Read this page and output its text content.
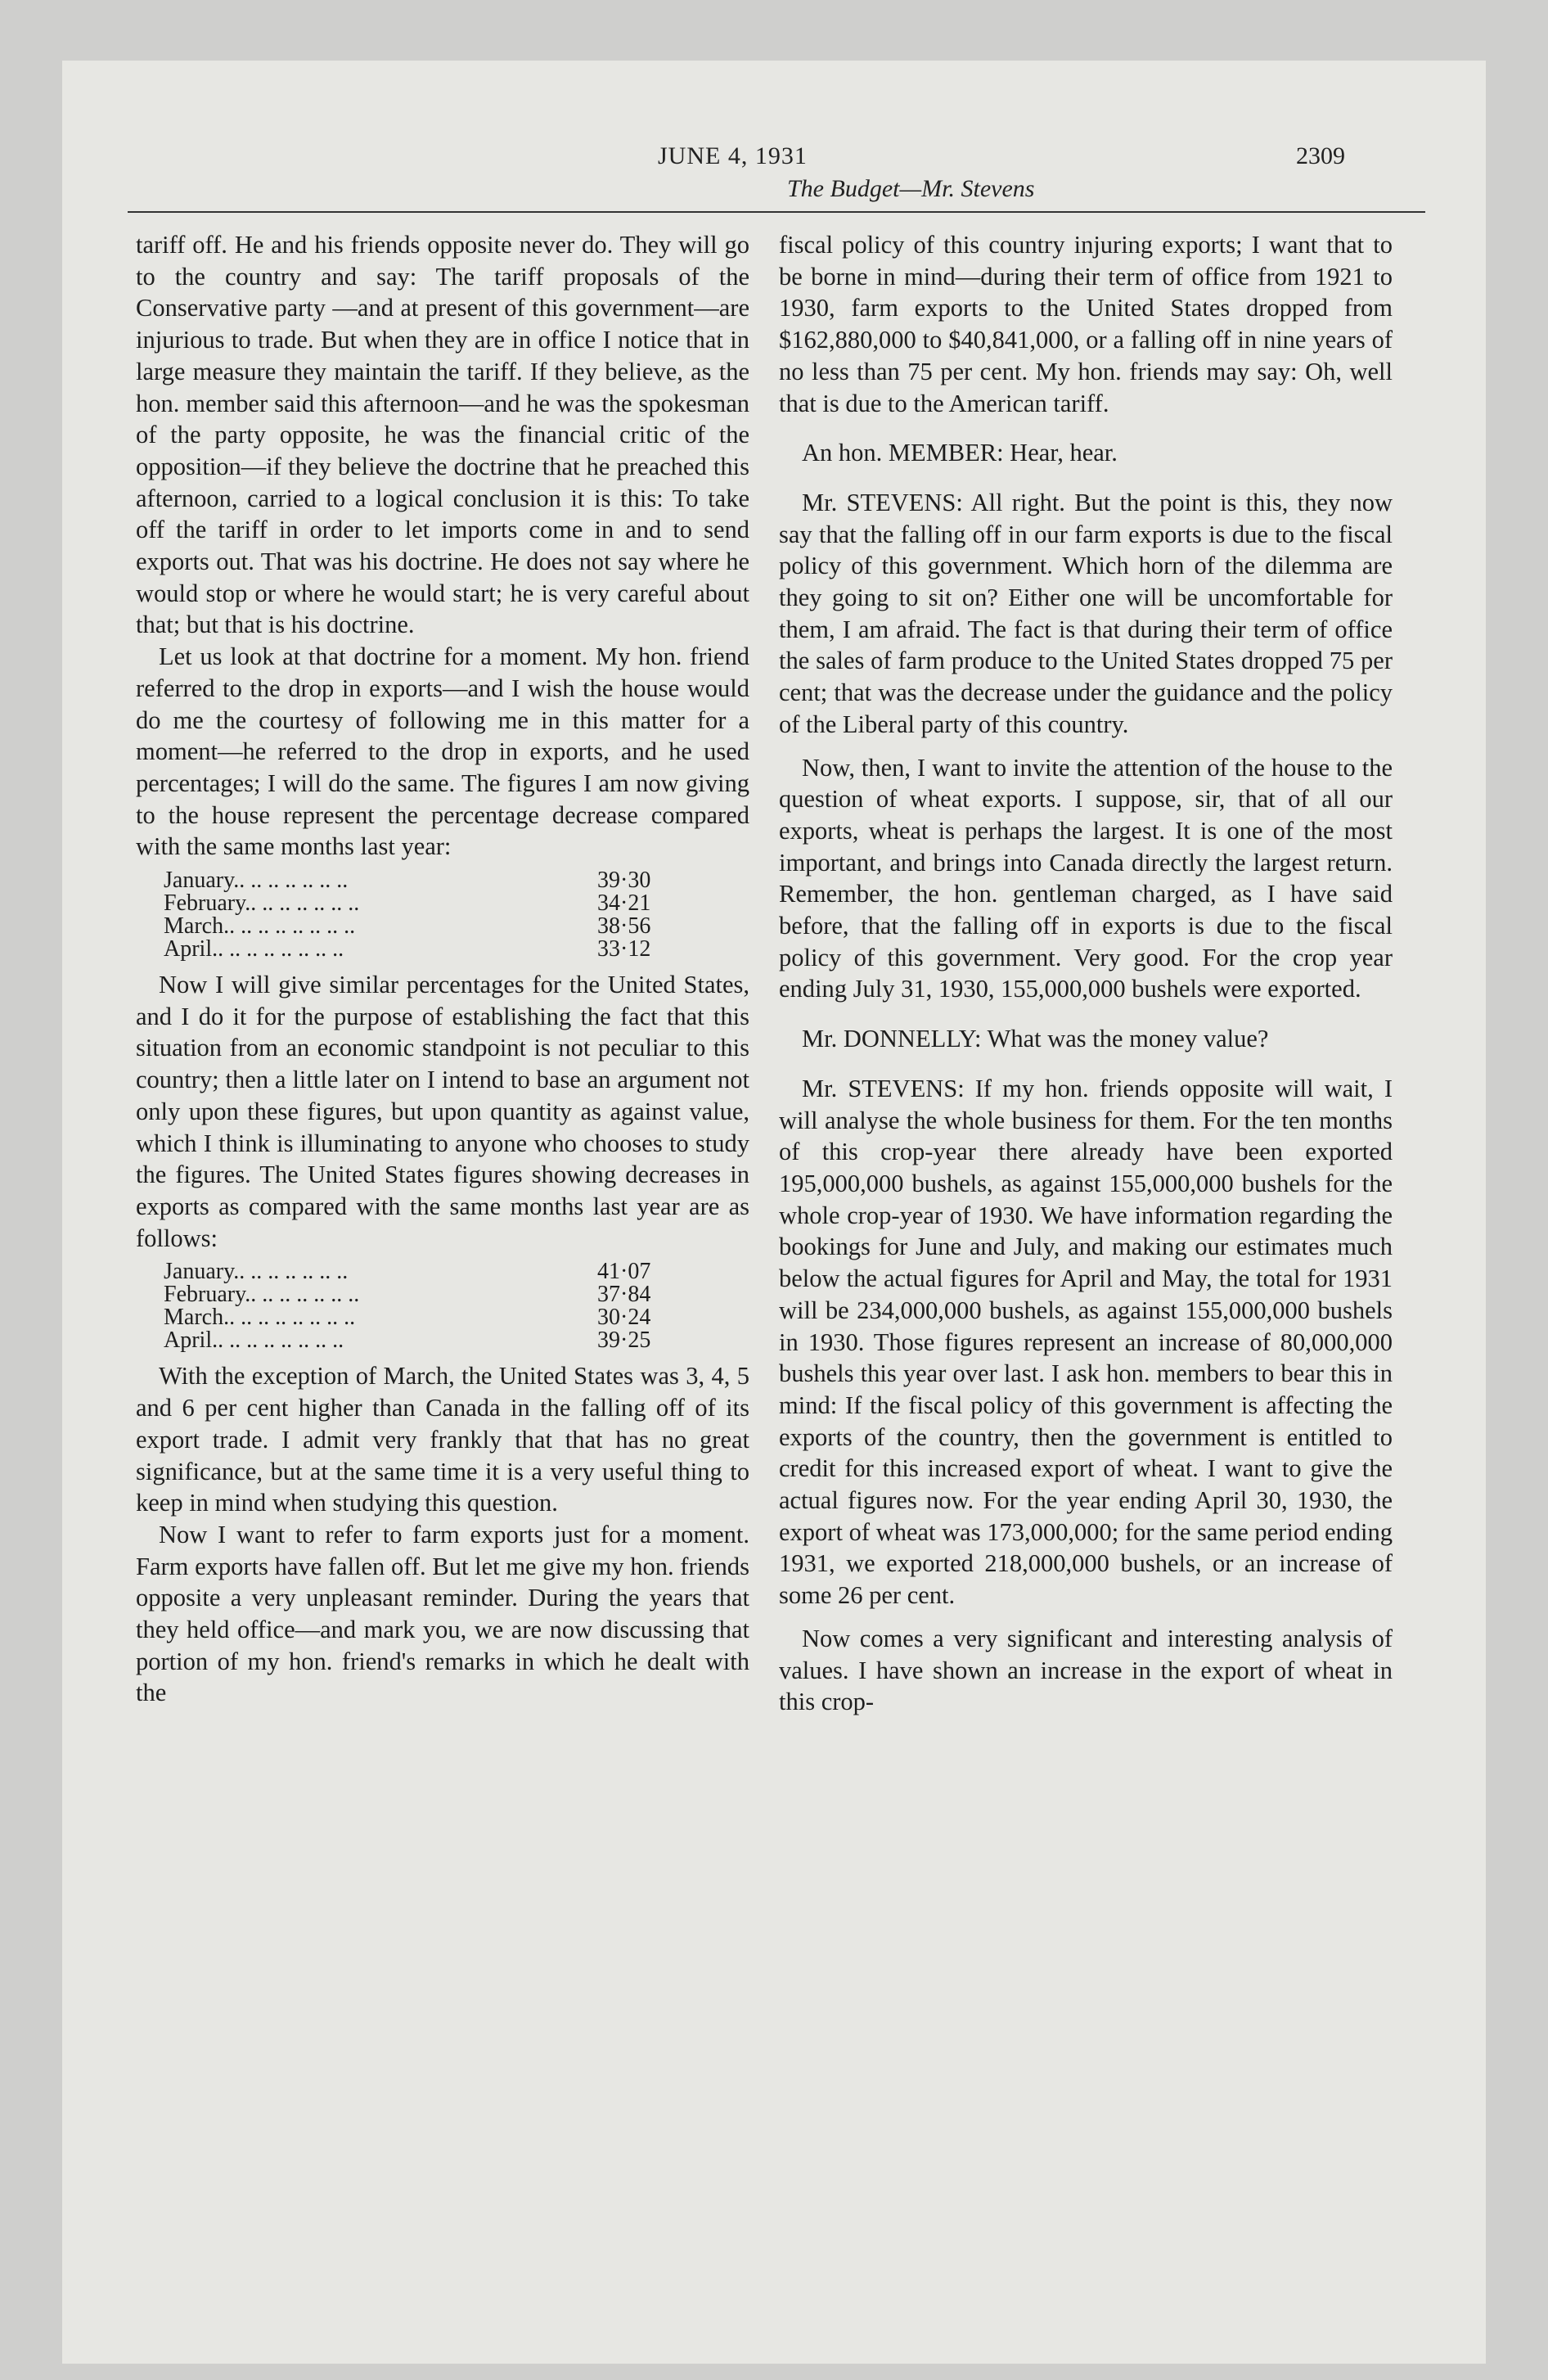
JUNE 4, 1931
The Budget—Mr. Stevens
2309

tariff off. He and his friends opposite never do. They will go to the country and say: The tariff proposals of the Conservative party —and at present of this government—are injurious to trade. But when they are in office I notice that in large measure they maintain the tariff. If they believe, as the hon. member said this afternoon—and he was the spokesman of the party opposite, he was the financial critic of the opposition—if they believe the doctrine that he preached this afternoon, carried to a logical conclusion it is this: To take off the tariff in order to let imports come in and to send exports out. That was his doctrine. He does not say where he would stop or where he would start; he is very careful about that; but that is his doctrine.

Let us look at that doctrine for a moment. My hon. friend referred to the drop in exports—and I wish the house would do me the courtesy of following me in this matter for a moment—he referred to the drop in exports, and he used percentages; I will do the same. The figures I am now giving to the house represent the percentage decrease compared with the same months last year:

January.. .. .. .. .. .. ..	39·30
February.. .. .. .. .. .. ..	34·21
March.. .. .. .. .. .. .. ..	38·56
April.. .. .. .. .. .. .. ..	33·12

Now I will give similar percentages for the United States, and I do it for the purpose of establishing the fact that this situation from an economic standpoint is not peculiar to this country; then a little later on I intend to base an argument not only upon these figures, but upon quantity as against value, which I think is illuminating to anyone who chooses to study the figures. The United States figures showing decreases in exports as compared with the same months last year are as follows:

January.. .. .. .. .. .. ..	41·07
February.. .. .. .. .. .. ..	37·84
March.. .. .. .. .. .. .. ..	30·24
April.. .. .. .. .. .. .. ..	39·25

With the exception of March, the United States was 3, 4, 5 and 6 per cent higher than Canada in the falling off of its export trade. I admit very frankly that that has no great significance, but at the same time it is a very useful thing to keep in mind when studying this question.

Now I want to refer to farm exports just for a moment. Farm exports have fallen off. But let me give my hon. friends opposite a very unpleasant reminder. During the years that they held office—and mark you, we are now discussing that portion of my hon. friend's remarks in which he dealt with the

fiscal policy of this country injuring exports; I want that to be borne in mind—during their term of office from 1921 to 1930, farm exports to the United States dropped from $162,880,000 to $40,841,000, or a falling off in nine years of no less than 75 per cent. My hon. friends may say: Oh, well that is due to the American tariff.

An hon. MEMBER: Hear, hear.

Mr. STEVENS: All right. But the point is this, they now say that the falling off in our farm exports is due to the fiscal policy of this government. Which horn of the dilemma are they going to sit on? Either one will be uncomfortable for them, I am afraid. The fact is that during their term of office the sales of farm produce to the United States dropped 75 per cent; that was the decrease under the guidance and the policy of the Liberal party of this country.

Now, then, I want to invite the attention of the house to the question of wheat exports. I suppose, sir, that of all our exports, wheat is perhaps the largest. It is one of the most important, and brings into Canada directly the largest return. Remember, the hon. gentleman charged, as I have said before, that the falling off in exports is due to the fiscal policy of this government. Very good. For the crop year ending July 31, 1930, 155,000,000 bushels were exported.

Mr. DONNELLY: What was the money value?

Mr. STEVENS: If my hon. friends opposite will wait, I will analyse the whole business for them. For the ten months of this crop-year there already have been exported 195,000,000 bushels, as against 155,000,000 bushels for the whole crop-year of 1930. We have information regarding the bookings for June and July, and making our estimates much below the actual figures for April and May, the total for 1931 will be 234,000,000 bushels, as against 155,000,000 bushels in 1930. Those figures represent an increase of 80,000,000 bushels this year over last. I ask hon. members to bear this in mind: If the fiscal policy of this government is affecting the exports of the country, then the government is entitled to credit for this increased export of wheat. I want to give the actual figures now. For the year ending April 30, 1930, the export of wheat was 173,000,000; for the same period ending 1931, we exported 218,000,000 bushels, or an increase of some 26 per cent.

Now comes a very significant and interesting analysis of values. I have shown an increase in the export of wheat in this crop-
